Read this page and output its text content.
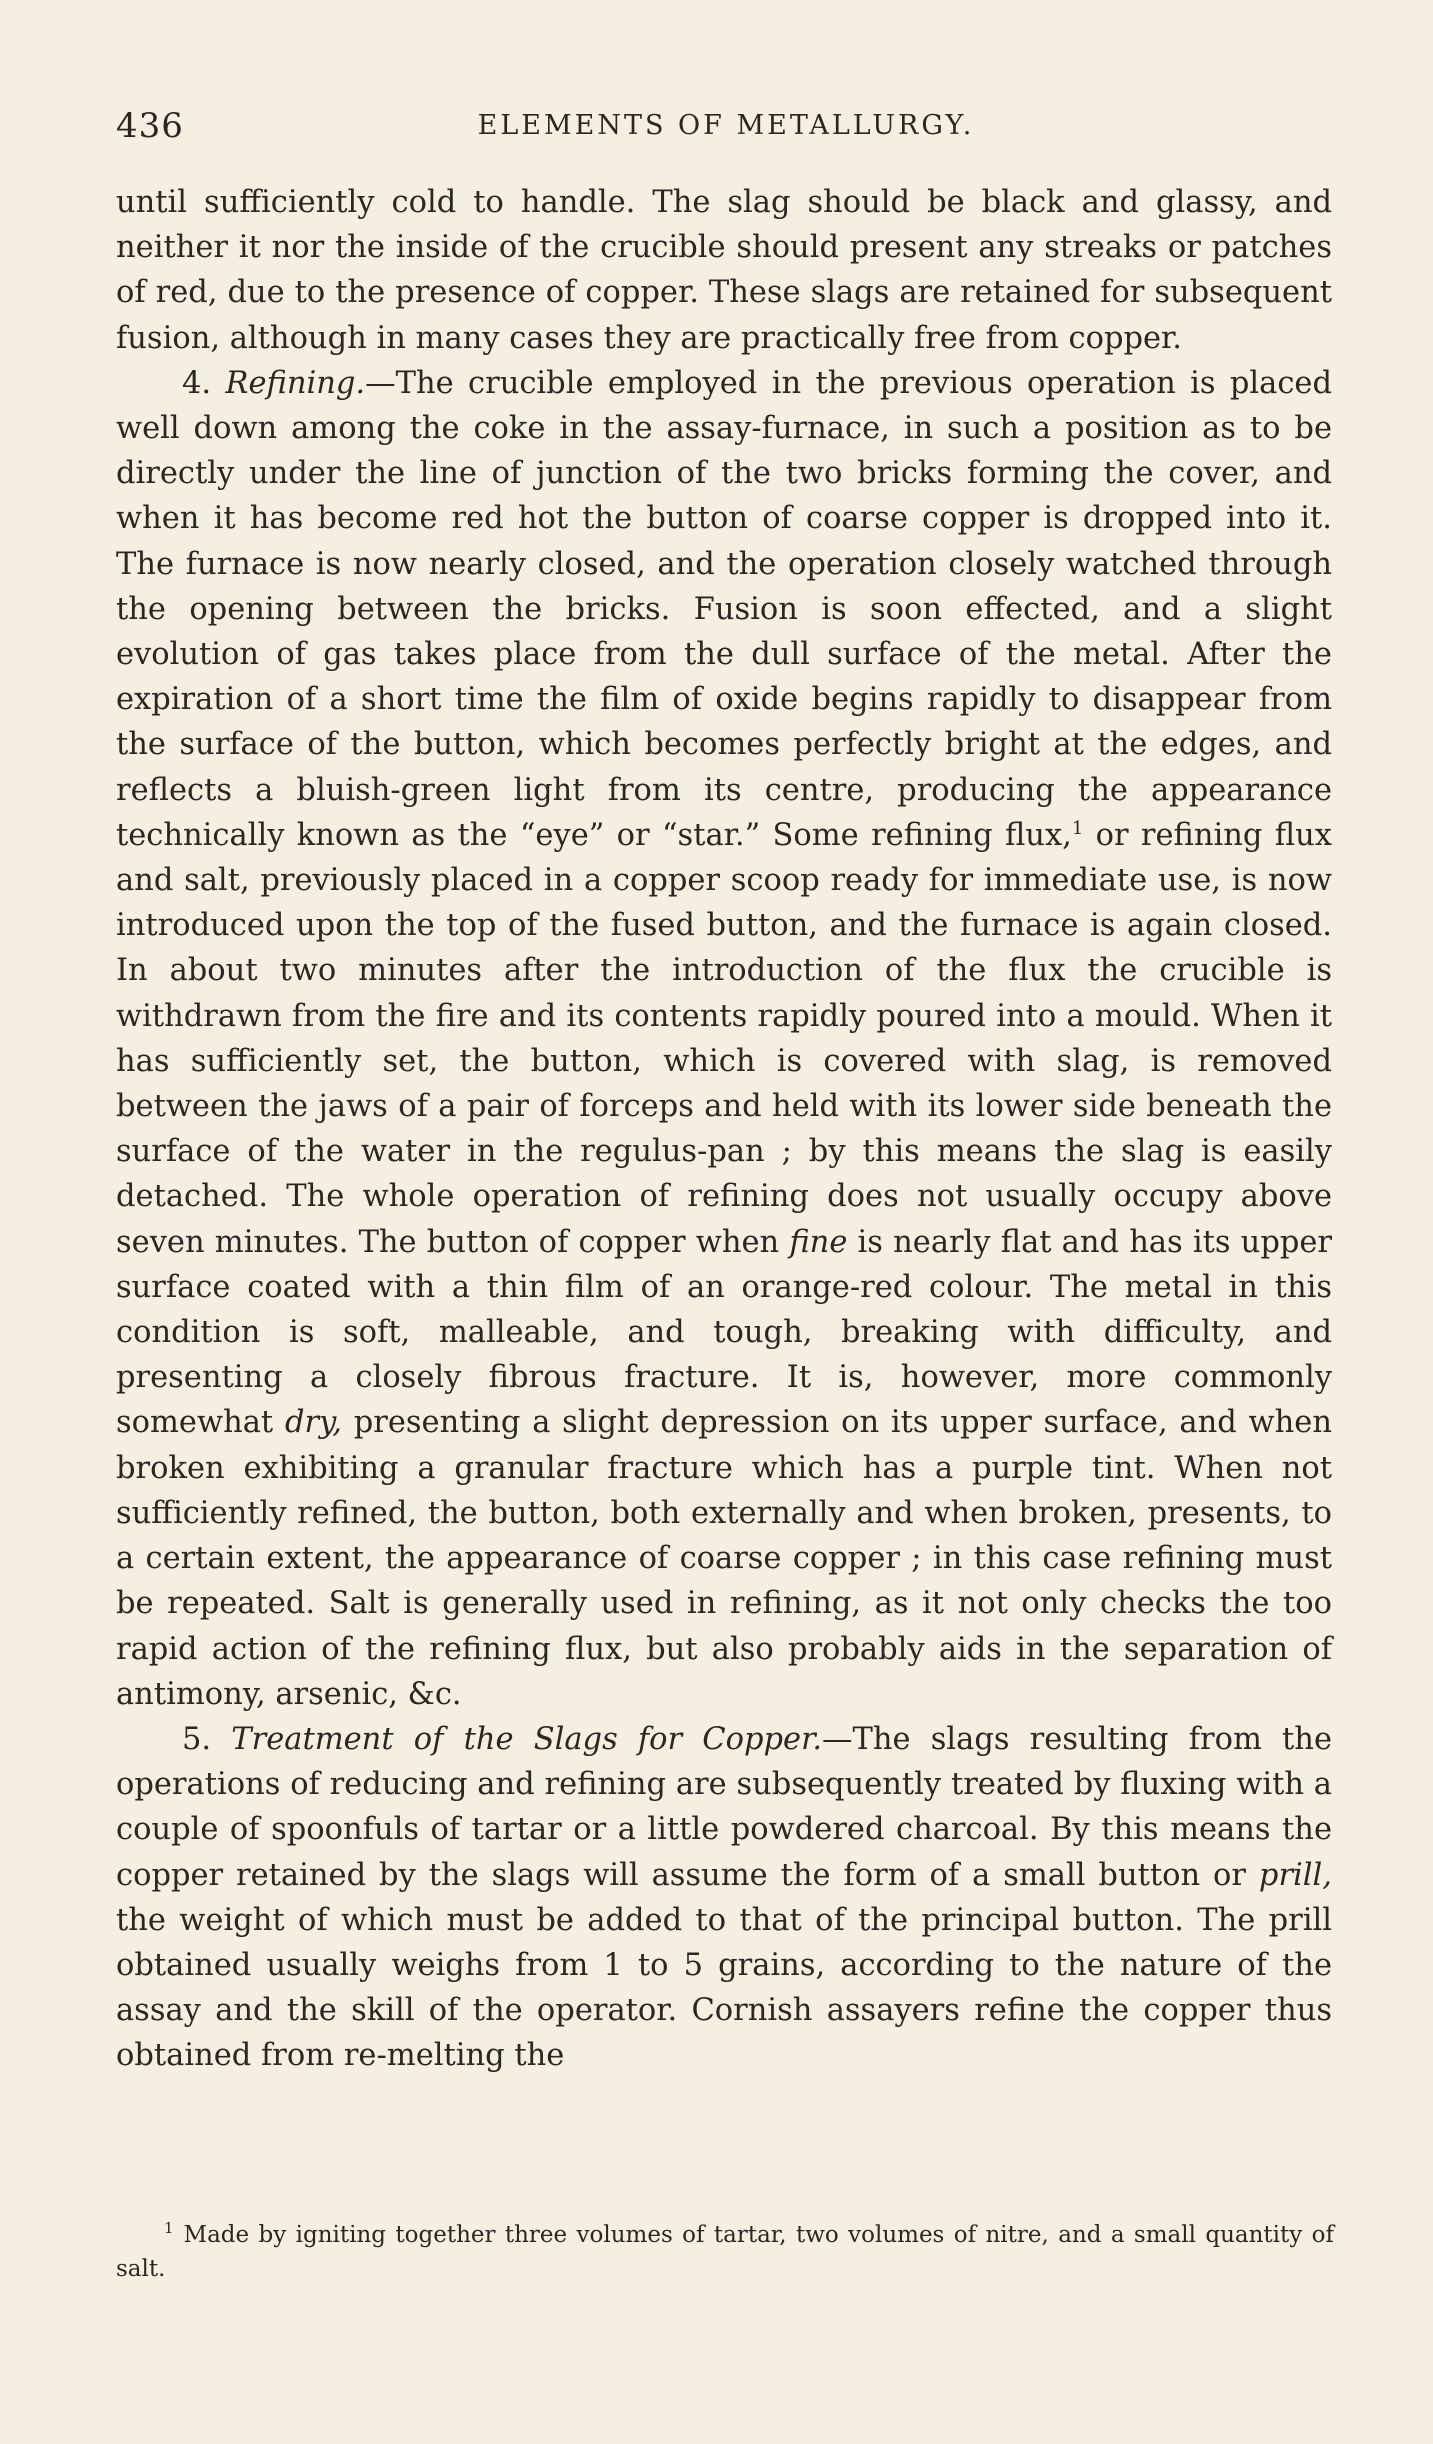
436	ELEMENTS OF METALLURGY.

until sufficiently cold to handle. The slag should be black and glassy, and neither it nor the inside of the crucible should present any streaks or patches of red, due to the presence of copper. These slags are retained for subsequent fusion, although in many cases they are practically free from copper.

4. Refining.—The crucible employed in the previous operation is placed well down among the coke in the assay-furnace, in such a position as to be directly under the line of junction of the two bricks forming the cover, and when it has become red hot the button of coarse copper is dropped into it. The furnace is now nearly closed, and the operation closely watched through the opening between the bricks. Fusion is soon effected, and a slight evolution of gas takes place from the dull surface of the metal. After the expiration of a short time the film of oxide begins rapidly to disappear from the surface of the button, which becomes perfectly bright at the edges, and reflects a bluish-green light from its centre, producing the appearance technically known as the “eye” or “star.” Some refining flux,$^1$ or refining flux and salt, previously placed in a copper scoop ready for immediate use, is now introduced upon the top of the fused button, and the furnace is again closed. In about two minutes after the introduction of the flux the crucible is withdrawn from the fire and its contents rapidly poured into a mould. When it has sufficiently set, the button, which is covered with slag, is removed between the jaws of a pair of forceps and held with its lower side beneath the surface of the water in the regulus-pan ; by this means the slag is easily detached. The whole operation of refining does not usually occupy above seven minutes. The button of copper when fine is nearly flat and has its upper surface coated with a thin film of an orange-red colour. The metal in this condition is soft, malleable, and tough, breaking with difficulty, and presenting a closely fibrous fracture. It is, however, more commonly somewhat dry, presenting a slight depression on its upper surface, and when broken exhibiting a granular fracture which has a purple tint. When not sufficiently refined, the button, both externally and when broken, presents, to a certain extent, the appearance of coarse copper ; in this case refining must be repeated. Salt is generally used in refining, as it not only checks the too rapid action of the refining flux, but also probably aids in the separation of antimony, arsenic, &c.

5. Treatment of the Slags for Copper.—The slags resulting from the operations of reducing and refining are subsequently treated by fluxing with a couple of spoonfuls of tartar or a little powdered charcoal. By this means the copper retained by the slags will assume the form of a small button or prill, the weight of which must be added to that of the principal button. The prill obtained usually weighs from 1 to 5 grains, according to the nature of the assay and the skill of the operator. Cornish assayers refine the copper thus obtained from re-melting the

$^1$ Made by igniting together three volumes of tartar, two volumes of nitre, and a small quantity of salt.
